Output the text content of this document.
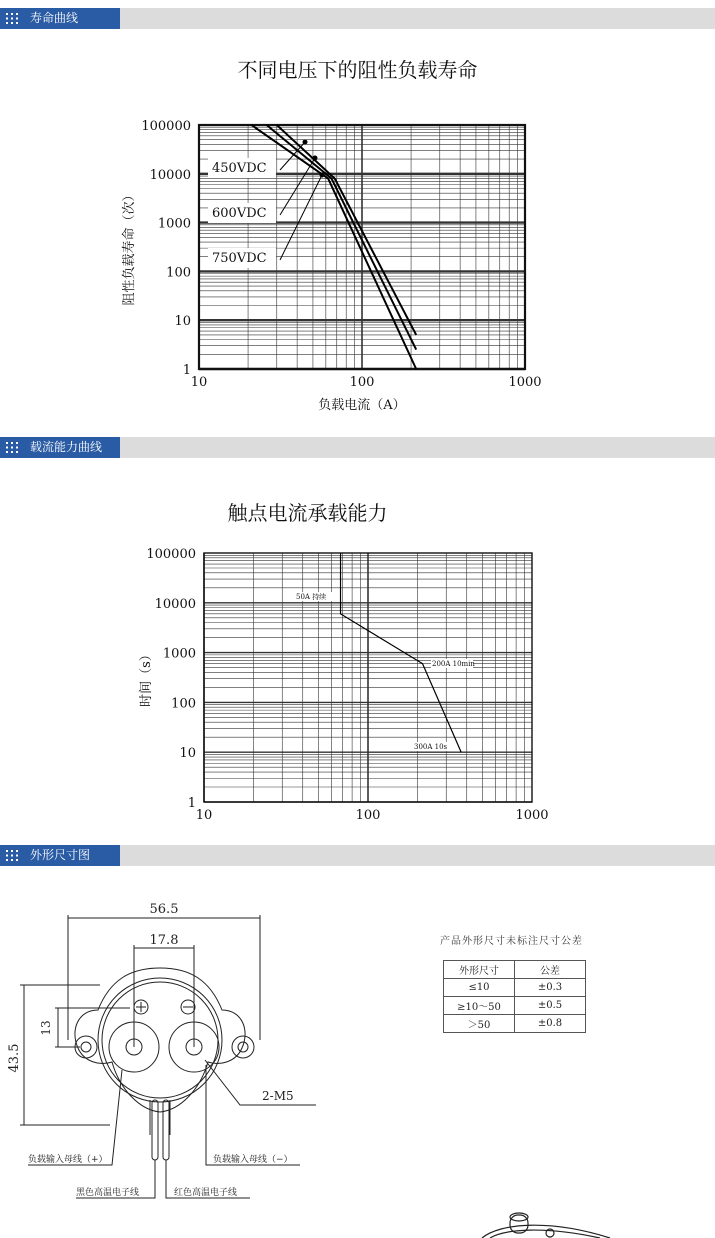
寿命曲线
载流能力曲线
外形尺寸图
不同电压下的阻性负载寿命
10	100	1000
1
10
100
1000
10000
100000
负载电流（A）
阻性负载寿命（次）
450VDC
600VDC
750VDC
触点电流承载能力
10	100	1000
1
10
100
1000
10000
100000
时间（s）
50A 持续
200A 10min
300A 10s
56.5
17.8
43.5
13
2-M5
负载输入母线（+）	负载输入母线（−）
黑色高温电子线	红色高温电子线
产品外形尺寸未标注尺寸公差
外形尺寸	公差
≤10	±0.3
≥10～50	±0.5
＞50	±0.8
